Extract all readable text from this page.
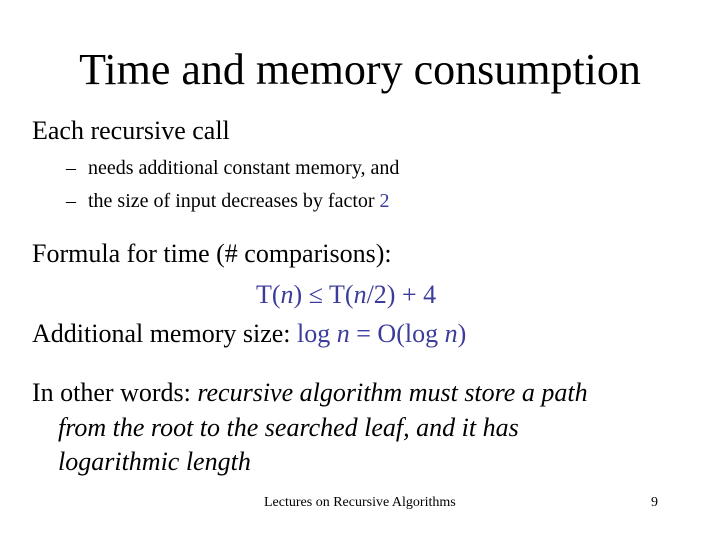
Time and memory consumption
Each recursive call
– needs additional constant memory, and
– the size of input decreases by factor 2
Formula for time (# comparisons):
T(n) ≤ T(n/2) + 4
Additional memory size: log n = O(log n)
In other words: recursive algorithm must store a path
from the root to the searched leaf, and it has
logarithmic length
Lectures on Recursive Algorithms	9
